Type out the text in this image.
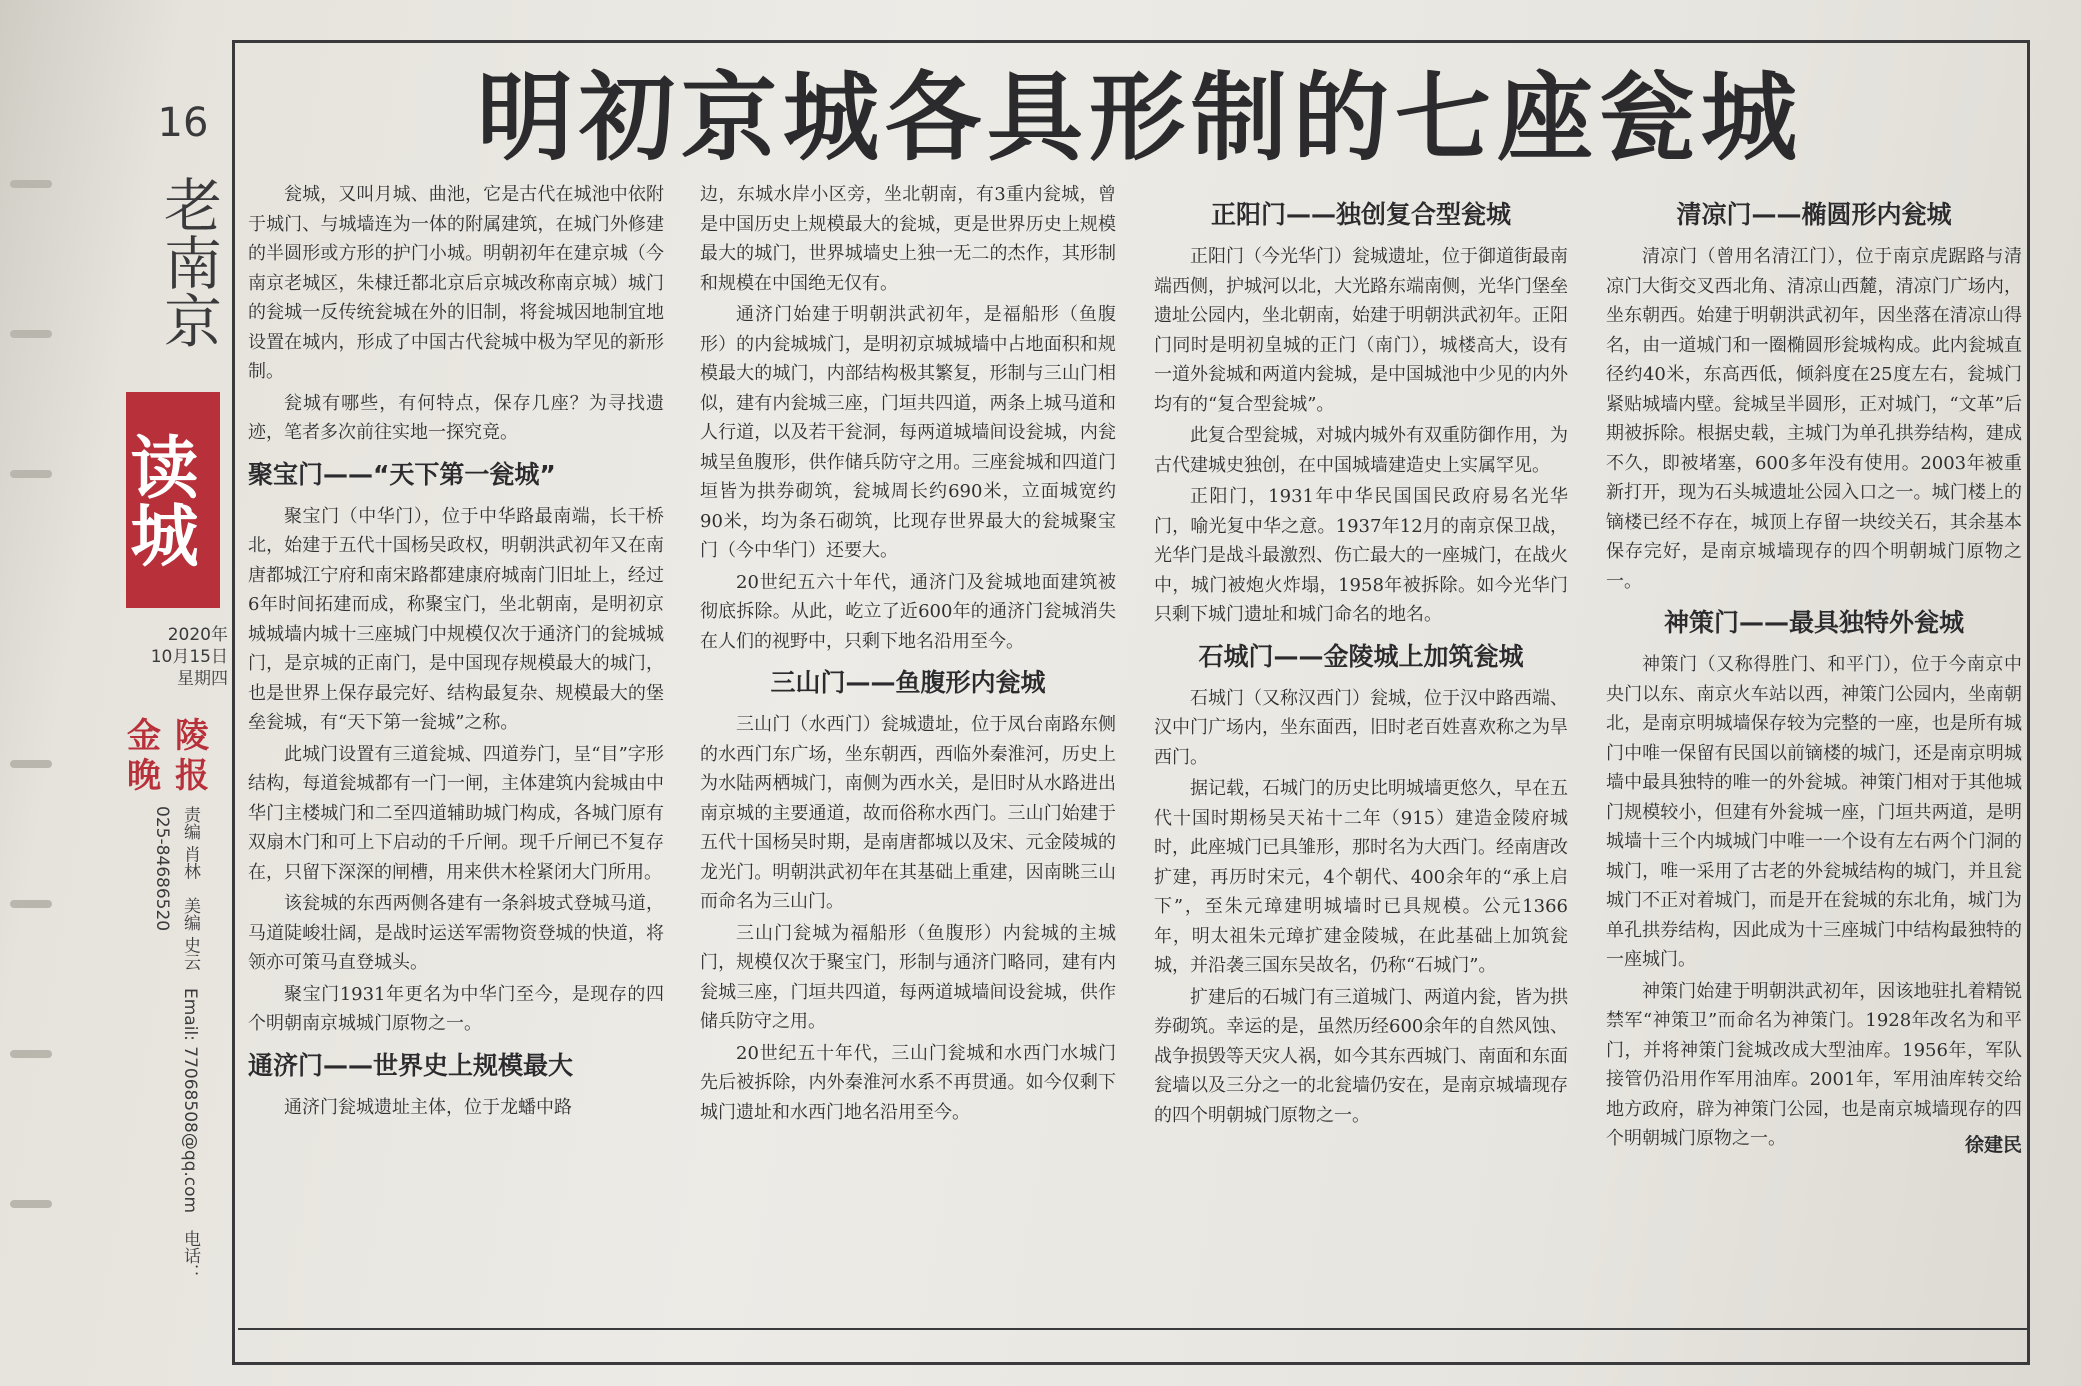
16
老南京
读城
2020年
10月15日
星期四
金 陵
晚 报
责编 肖林 美编 史云 Email: 77068508@qq.com 电话：025-84686520
明初京城各具形制的七座瓮城

瓮城，又叫月城、曲池，它是古代在城池中依附于城门、与城墙连为一体的附属建筑，在城门外修建的半圆形或方形的护门小城。明朝初年在建京城（今南京老城区，朱棣迁都北京后京城改称南京城）城门的瓮城一反传统瓮城在外的旧制，将瓮城因地制宜地设置在城内，形成了中国古代瓮城中极为罕见的新形制。

瓮城有哪些，有何特点，保存几座？为寻找遗迹，笔者多次前往实地一探究竟。

聚宝门——“天下第一瓮城”

聚宝门（中华门），位于中华路最南端，长干桥北，始建于五代十国杨吴政权，明朝洪武初年又在南唐都城江宁府和南宋路都建康府城南门旧址上，经过6年时间拓建而成，称聚宝门，坐北朝南，是明初京城城墙内城十三座城门中规模仅次于通济门的瓮城城门，是京城的正南门，是中国现存规模最大的城门，也是世界上保存最完好、结构最复杂、规模最大的堡垒瓮城，有“天下第一瓮城”之称。

此城门设置有三道瓮城、四道券门，呈“目”字形结构，每道瓮城都有一门一闸，主体建筑内瓮城由中华门主楼城门和二至四道辅助城门构成，各城门原有双扇木门和可上下启动的千斤闸。现千斤闸已不复存在，只留下深深的闸槽，用来供木栓紧闭大门所用。

该瓮城的东西两侧各建有一条斜坡式登城马道，马道陡峻壮阔，是战时运送军需物资登城的快道，将领亦可策马直登城头。

聚宝门1931年更名为中华门至今，是现存的四个明朝南京城城门原物之一。

通济门——世界史上规模最大

通济门瓮城遗址主体，位于龙蟠中路

边，东城水岸小区旁，坐北朝南，有3重内瓮城，曾是中国历史上规模最大的瓮城，更是世界历史上规模最大的城门，世界城墙史上独一无二的杰作，其形制和规模在中国绝无仅有。

通济门始建于明朝洪武初年，是福船形（鱼腹形）的内瓮城城门，是明初京城城墙中占地面积和规模最大的城门，内部结构极其繁复，形制与三山门相似，建有内瓮城三座，门垣共四道，两条上城马道和人行道，以及若干瓮洞，每两道城墙间设瓮城，内瓮城呈鱼腹形，供作储兵防守之用。三座瓮城和四道门垣皆为拱券砌筑，瓮城周长约690米，立面城宽约90米，均为条石砌筑，比现存世界最大的瓮城聚宝门（今中华门）还要大。

20世纪五六十年代，通济门及瓮城地面建筑被彻底拆除。从此，屹立了近600年的通济门瓮城消失在人们的视野中，只剩下地名沿用至今。

三山门——鱼腹形内瓮城

三山门（水西门）瓮城遗址，位于凤台南路东侧的水西门东广场，坐东朝西，西临外秦淮河，历史上为水陆两栖城门，南侧为西水关，是旧时从水路进出南京城的主要通道，故而俗称水西门。三山门始建于五代十国杨吴时期，是南唐都城以及宋、元金陵城的龙光门。明朝洪武初年在其基础上重建，因南眺三山而命名为三山门。

三山门瓮城为福船形（鱼腹形）内瓮城的主城门，规模仅次于聚宝门，形制与通济门略同，建有内瓮城三座，门垣共四道，每两道城墙间设瓮城，供作储兵防守之用。

20世纪五十年代，三山门瓮城和水西门水城门先后被拆除，内外秦淮河水系不再贯通。如今仅剩下城门遗址和水西门地名沿用至今。

正阳门——独创复合型瓮城

正阳门（今光华门）瓮城遗址，位于御道街最南端西侧，护城河以北，大光路东端南侧，光华门堡垒遗址公园内，坐北朝南，始建于明朝洪武初年。正阳门同时是明初皇城的正门（南门），城楼高大，设有一道外瓮城和两道内瓮城，是中国城池中少见的内外均有的“复合型瓮城”。

此复合型瓮城，对城内城外有双重防御作用，为古代建城史独创，在中国城墙建造史上实属罕见。

正阳门，1931年中华民国国民政府易名光华门，喻光复中华之意。1937年12月的南京保卫战，光华门是战斗最激烈、伤亡最大的一座城门，在战火中，城门被炮火炸塌，1958年被拆除。如今光华门只剩下城门遗址和城门命名的地名。

石城门——金陵城上加筑瓮城

石城门（又称汉西门）瓮城，位于汉中路西端、汉中门广场内，坐东面西，旧时老百姓喜欢称之为旱西门。

据记载，石城门的历史比明城墙更悠久，早在五代十国时期杨吴天祐十二年（915）建造金陵府城时，此座城门已具雏形，那时名为大西门。经南唐改扩建，再历时宋元，4个朝代、400余年的“承上启下”，至朱元璋建明城墙时已具规模。公元1366年，明太祖朱元璋扩建金陵城，在此基础上加筑瓮城，并沿袭三国东吴故名，仍称“石城门”。

扩建后的石城门有三道城门、两道内瓮，皆为拱券砌筑。幸运的是，虽然历经600余年的自然风蚀、战争损毁等天灾人祸，如今其东西城门、南面和东面瓮墙以及三分之一的北瓮墙仍安在，是南京城墙现存的四个明朝城门原物之一。

清凉门——椭圆形内瓮城

清凉门（曾用名清江门），位于南京虎踞路与清凉门大街交叉西北角、清凉山西麓，清凉门广场内，坐东朝西。始建于明朝洪武初年，因坐落在清凉山得名，由一道城门和一圈椭圆形瓮城构成。此内瓮城直径约40米，东高西低，倾斜度在25度左右，瓮城门紧贴城墙内壁。瓮城呈半圆形，正对城门，“文革”后期被拆除。根据史载，主城门为单孔拱券结构，建成不久，即被堵塞，600多年没有使用。2003年被重新打开，现为石头城遗址公园入口之一。城门楼上的镝楼已经不存在，城顶上存留一块绞关石，其余基本保存完好，是南京城墙现存的四个明朝城门原物之一。

神策门——最具独特外瓮城

神策门（又称得胜门、和平门），位于今南京中央门以东、南京火车站以西，神策门公园内，坐南朝北，是南京明城墙保存较为完整的一座，也是所有城门中唯一保留有民国以前镝楼的城门，还是南京明城墙中最具独特的唯一的外瓮城。神策门相对于其他城门规模较小，但建有外瓮城一座，门垣共两道，是明城墙十三个内城城门中唯一一个设有左右两个门洞的城门，唯一采用了古老的外瓮城结构的城门，并且瓮城门不正对着城门，而是开在瓮城的东北角，城门为单孔拱券结构，因此成为十三座城门中结构最独特的一座城门。

神策门始建于明朝洪武初年，因该地驻扎着精锐禁军“神策卫”而命名为神策门。1928年改名为和平门，并将神策门瓮城改成大型油库。1956年，军队接管仍沿用作军用油库。2001年，军用油库转交给地方政府，辟为神策门公园，也是南京城墙现存的四个明朝城门原物之一。	徐建民
